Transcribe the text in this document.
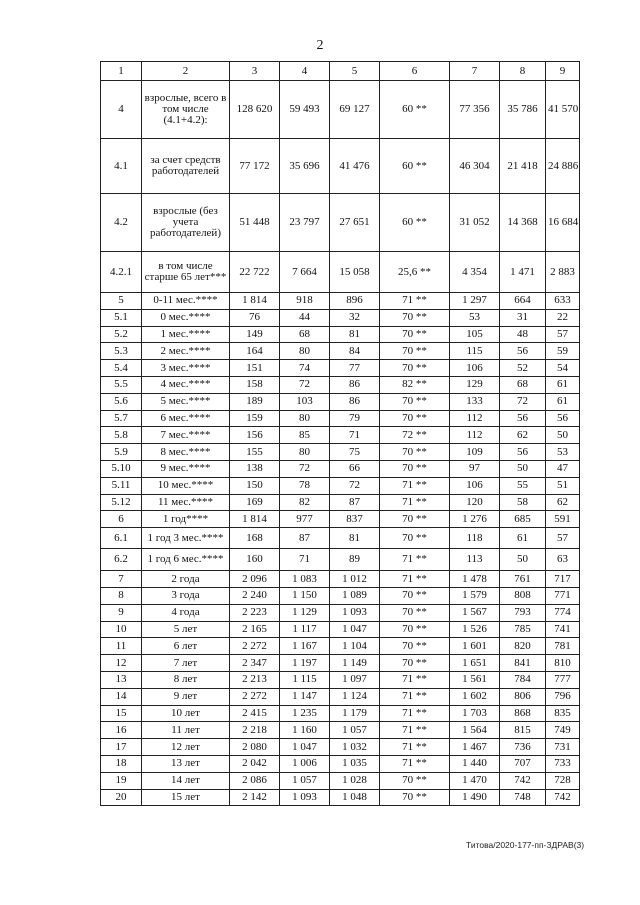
2
1	2	3	4	5	6	7	8	9
4	взрослые, всего в том числе (4.1+4.2):	128 620	59 493	69 127	60 **	77 356	35 786	41 570
4.1	за счет средств работодателей	77 172	35 696	41 476	60 **	46 304	21 418	24 886
4.2	взрослые (без учета работодателей)	51 448	23 797	27 651	60 **	31 052	14 368	16 684
4.2.1	в том числе старше 65 лет***	22 722	7 664	15 058	25,6 **	4 354	1 471	2 883
5	0-11 мес.****	1 814	918	896	71 **	1 297	664	633
5.1	0 мес.****	76	44	32	70 **	53	31	22
5.2	1 мес.****	149	68	81	70 **	105	48	57
5.3	2 мес.****	164	80	84	70 **	115	56	59
5.4	3 мес.****	151	74	77	70 **	106	52	54
5.5	4 мес.****	158	72	86	82 **	129	68	61
5.6	5 мес.****	189	103	86	70 **	133	72	61
5.7	6 мес.****	159	80	79	70 **	112	56	56
5.8	7 мес.****	156	85	71	72 **	112	62	50
5.9	8 мес.****	155	80	75	70 **	109	56	53
5.10	9 мес.****	138	72	66	70 **	97	50	47
5.11	10 мес.****	150	78	72	71 **	106	55	51
5.12	11 мес.****	169	82	87	71 **	120	58	62
6	1 год****	1 814	977	837	70 **	1 276	685	591
6.1	1 год 3 мес.****	168	87	81	70 **	118	61	57
6.2	1 год 6 мес.****	160	71	89	71 **	113	50	63
7	2 года	2 096	1 083	1 012	71 **	1 478	761	717
8	3 года	2 240	1 150	1 089	70 **	1 579	808	771
9	4 года	2 223	1 129	1 093	70 **	1 567	793	774
10	5 лет	2 165	1 117	1 047	70 **	1 526	785	741
11	6 лет	2 272	1 167	1 104	70 **	1 601	820	781
12	7 лет	2 347	1 197	1 149	70 **	1 651	841	810
13	8 лет	2 213	1 115	1 097	71 **	1 561	784	777
14	9 лет	2 272	1 147	1 124	71 **	1 602	806	796
15	10 лет	2 415	1 235	1 179	71 **	1 703	868	835
16	11 лет	2 218	1 160	1 057	71 **	1 564	815	749
17	12 лет	2 080	1 047	1 032	71 **	1 467	736	731
18	13 лет	2 042	1 006	1 035	71 **	1 440	707	733
19	14 лет	2 086	1 057	1 028	70 **	1 470	742	728
20	15 лет	2 142	1 093	1 048	70 **	1 490	748	742
Титова/2020-177-пп-ЗДРАВ(3)
